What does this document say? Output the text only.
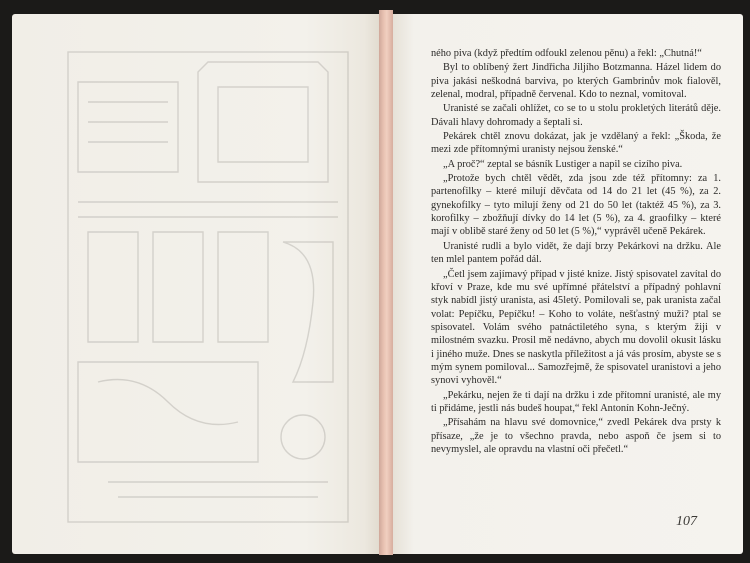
ného piva (když předtím odfoukl zelenou pěnu) a řekl: „Chutná!“

Byl to oblíbený žert Jindřicha Jiljího Botzmanna. Házel lidem do piva jakási neškodná barviva, po kterých Gambrinův mok fialověl, zelenal, modral, případně červenal. Kdo to neznal, vomitoval.

Uranisté se začali ohlížet, co se to u stolu prokletých literátů děje. Dávali hlavy dohromady a šeptali si.

Pekárek chtěl znovu dokázat, jak je vzdělaný a řekl: „Škoda, že mezi zde přítomnými uranisty nejsou ženské.“

„A proč?“ zeptal se básník Lustiger a napil se cizího piva.

„Protože bych chtěl vědět, zda jsou zde též přítomny: za 1. partenofilky – které milují děvčata od 14 do 21 let (45 %), za 2. gynekofilky – tyto milují ženy od 21 do 50 let (taktéž 45 %), za 3. korofilky – zbožňují dívky do 14 let (5 %), za 4. graofilky – které mají v oblibě staré ženy od 50 let (5 %),“ vyprávěl učeně Pekárek.

Uranisté rudli a bylo vidět, že dají brzy Pekárkovi na držku. Ale ten mlel pantem pořád dál.

„Četl jsem zajímavý případ v jisté knize. Jistý spisovatel zavítal do křoví v Praze, kde mu své upřímné přátelství a případný pohlavní styk nabídl jistý uranista, asi 45letý. Pomilovali se, pak uranista začal volat: Pepíčku, Pepíčku! – Koho to voláte, nešťastný muži? ptal se spisovatel. Volám svého patnáctiletého syna, s kterým žiji v milostném svazku. Prosil mě nedávno, abych mu dovolil okusit lásku i jiného muže. Dnes se naskytla příležitost a já vás prosím, abyste se s mým synem pomiloval... Samozřejmě, že spisovatel uranistovi a jeho synovi vyhověl.“

„Pekárku, nejen že ti dají na držku i zde přítomní uranisté, ale my ti přidáme, jestli nás budeš houpat,“ řekl Antonín Kohn-Ječný.

„Přísahám na hlavu své domovnice,“ zvedl Pekárek dva prsty k přísaze, „že je to všechno pravda, nebo aspoň če jsem si to nevymyslel, ale opravdu na vlastní oči přečetl.“

107
